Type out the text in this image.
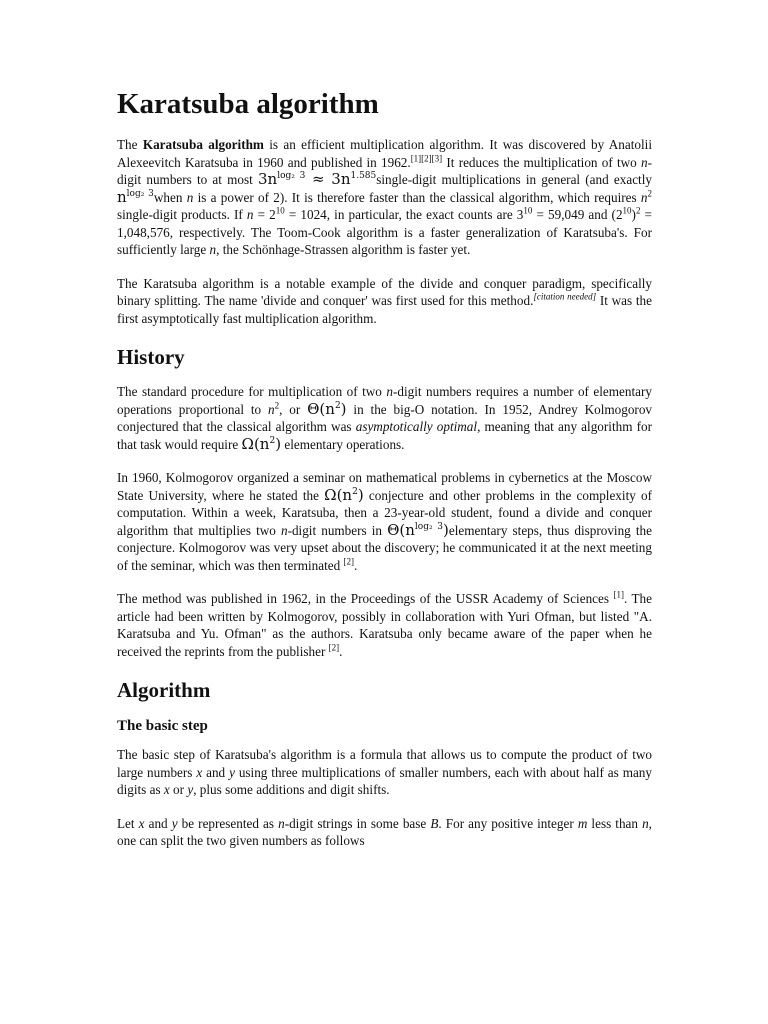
Karatsuba algorithm

The Karatsuba algorithm is an efficient multiplication algorithm. It was discovered by Anatolii Alexeevitch Karatsuba in 1960 and published in 1962.[1][2][3] It reduces the multiplication of two n-digit numbers to at most $3n^{log_2 3}$ ≈ $3n^{1.585}single$-digit multiplications in general (and exactly $n^{log_2 3}when$ n is a power of 2). It is therefore faster than the classical algorithm, which requires $n^2$ single-digit products. If $n = 2^{10} = 1024$, in particular, the exact counts are $3^{10} = 59,049$ and $(2^{10})^2 = 1,048,576$, respectively. The Toom-Cook algorithm is a faster generalization of Karatsuba's. For sufficiently large n, the Schönhage-Strassen algorithm is faster yet.

The Karatsuba algorithm is a notable example of the divide and conquer paradigm, specifically binary splitting. The name 'divide and conquer' was first used for this method.[citation needed] It was the first asymptotically fast multiplication algorithm.

History

The standard procedure for multiplication of two n-digit numbers requires a number of elementary operations proportional to $n^2$, or $\Theta(n^2)$ in the big-O notation. In 1952, Andrey Kolmogorov conjectured that the classical algorithm was asymptotically optimal, meaning that any algorithm for that task would require $\Omega(n^2)$ elementary operations.

In 1960, Kolmogorov organized a seminar on mathematical problems in cybernetics at the Moscow State University, where he stated the $\Omega(n^2)$ conjecture and other problems in the complexity of computation. Within a week, Karatsuba, then a 23-year-old student, found a divide and conquer algorithm that multiplies two n-digit numbers in $\Theta(n^{log_2 3})elementary$ steps, thus disproving the conjecture. Kolmogorov was very upset about the discovery; he communicated it at the next meeting of the seminar, which was then terminated [2].

The method was published in 1962, in the Proceedings of the USSR Academy of Sciences [1]. The article had been written by Kolmogorov, possibly in collaboration with Yuri Ofman, but listed "A. Karatsuba and Yu. Ofman" as the authors. Karatsuba only became aware of the paper when he received the reprints from the publisher [2].

Algorithm
The basic step

The basic step of Karatsuba's algorithm is a formula that allows us to compute the product of two large numbers x and y using three multiplications of smaller numbers, each with about half as many digits as x or y, plus some additions and digit shifts.

Let x and y be represented as n-digit strings in some base B. For any positive integer m less than n, one can split the two given numbers as follows
